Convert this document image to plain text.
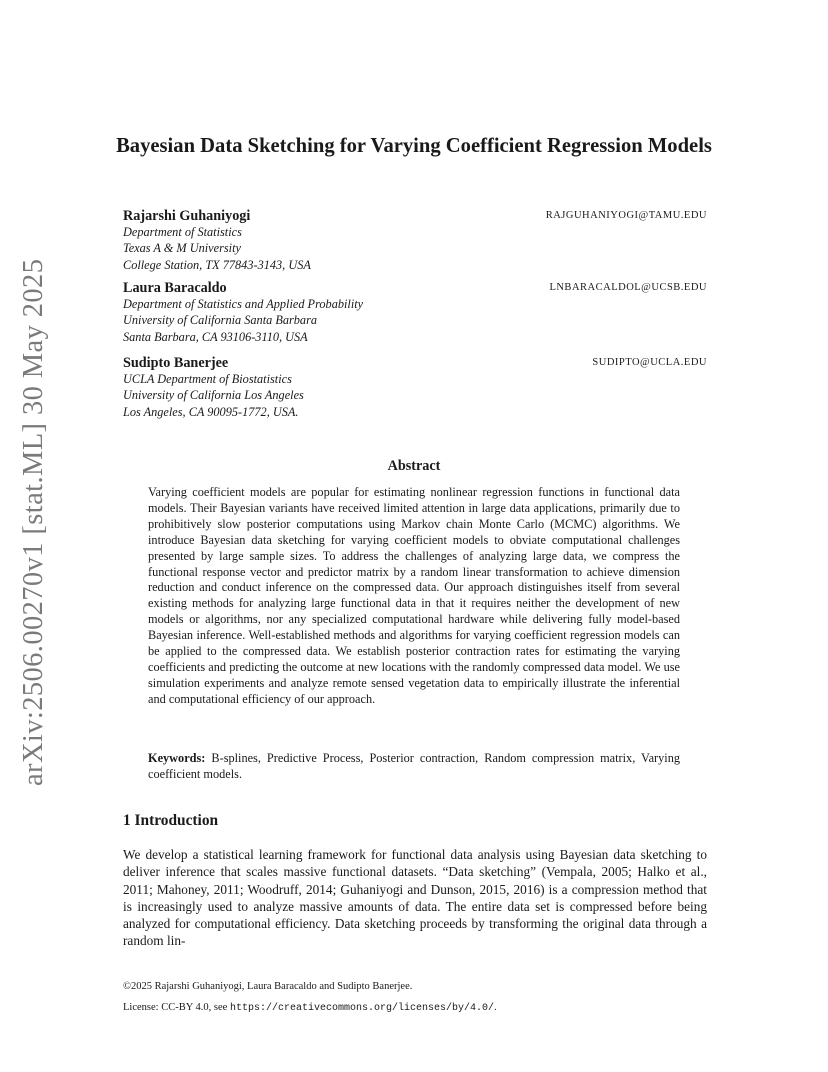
arXiv:2506.00270v1 [stat.ML] 30 May 2025
Bayesian Data Sketching for Varying Coefficient Regression Models
Rajarshi Guhaniyogi	RAJGUHANIYOGI@TAMU.EDU
Department of Statistics
Texas A & M University
College Station, TX 77843-3143, USA
Laura Baracaldo	LNBARACALDOL@UCSB.EDU
Department of Statistics and Applied Probability
University of California Santa Barbara
Santa Barbara, CA 93106-3110, USA
Sudipto Banerjee	SUDIPTO@UCLA.EDU
UCLA Department of Biostatistics
University of California Los Angeles
Los Angeles, CA 90095-1772, USA.
Abstract
Varying coefficient models are popular for estimating nonlinear regression functions in functional data models. Their Bayesian variants have received limited attention in large data applications, primarily due to prohibitively slow posterior computations using Markov chain Monte Carlo (MCMC) algorithms. We introduce Bayesian data sketching for varying coefficient models to obviate computational challenges presented by large sample sizes. To address the challenges of analyzing large data, we compress the functional response vector and predictor matrix by a random linear transformation to achieve dimension reduction and conduct inference on the compressed data. Our approach distinguishes itself from several existing methods for analyzing large functional data in that it requires neither the development of new models or algorithms, nor any specialized computational hardware while delivering fully model-based Bayesian inference. Well-established methods and algorithms for varying coefficient regression models can be applied to the compressed data. We establish posterior contraction rates for estimating the varying coefficients and predicting the outcome at new locations with the randomly compressed data model. We use simulation experiments and analyze remote sensed vegetation data to empirically illustrate the inferential and computational efficiency of our approach.
Keywords: B-splines, Predictive Process, Posterior contraction, Random compression matrix, Varying coefficient models.
1 Introduction
We develop a statistical learning framework for functional data analysis using Bayesian data sketching to deliver inference that scales massive functional datasets. “Data sketching” (Vempala, 2005; Halko et al., 2011; Mahoney, 2011; Woodruff, 2014; Guhaniyogi and Dunson, 2015, 2016) is a compression method that is increasingly used to analyze massive amounts of data. The entire data set is compressed before being analyzed for computational efficiency. Data sketching proceeds by transforming the original data through a random lin-
©2025 Rajarshi Guhaniyogi, Laura Baracaldo and Sudipto Banerjee.
License: CC-BY 4.0, see https://creativecommons.org/licenses/by/4.0/.
